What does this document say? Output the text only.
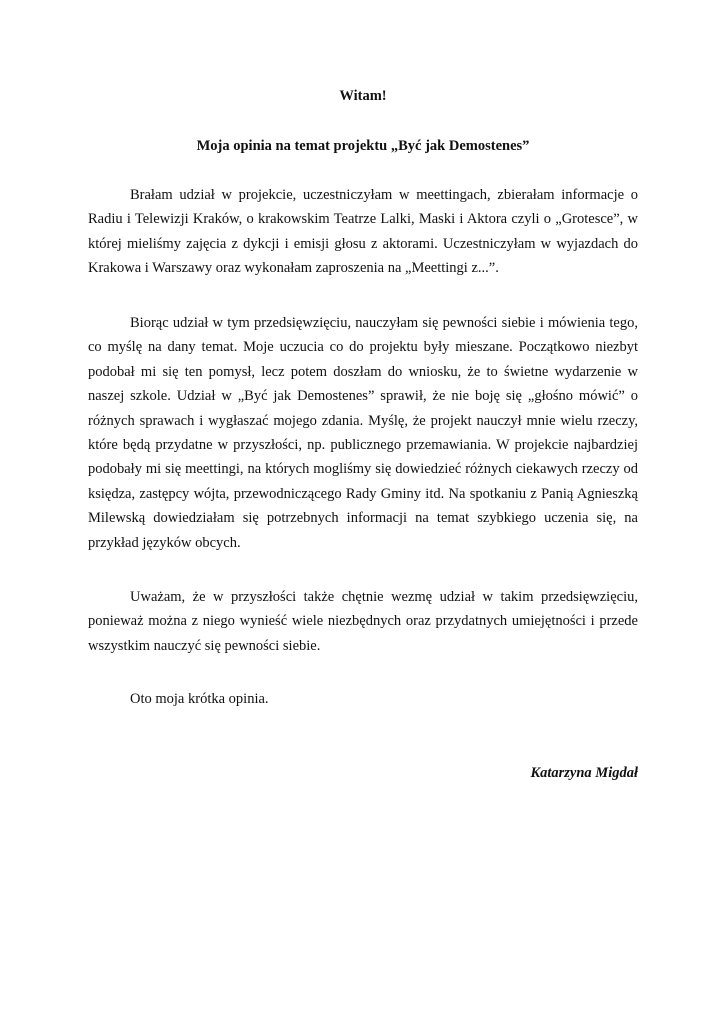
Witam!

Moja opinia na temat projektu „Być jak Demostenes”

Brałam udział w projekcie, uczestniczyłam w meettingach, zbierałam informacje o Radiu i Telewizji Kraków, o krakowskim Teatrze Lalki, Maski i Aktora czyli o „Grotesce”, w której mieliśmy zajęcia z dykcji i emisji głosu z aktorami. Uczestniczyłam w wyjazdach do Krakowa i Warszawy oraz wykonałam zaproszenia na „Meettingi z...”.

Biorąc udział w tym przedsięwzięciu, nauczyłam się pewności siebie i mówienia tego, co myślę na dany temat. Moje uczucia co do projektu były mieszane. Początkowo niezbyt podobał mi się ten pomysł, lecz potem doszłam do wniosku, że to świetne wydarzenie w naszej szkole. Udział w „Być jak Demostenes” sprawił, że nie boję się „głośno mówić” o różnych sprawach i wygłaszać mojego zdania. Myślę, że projekt nauczył mnie wielu rzeczy, które będą przydatne w przyszłości, np. publicznego przemawiania. W projekcie najbardziej podobały mi się meettingi, na których mogliśmy się dowiedzieć różnych ciekawych rzeczy od księdza, zastępcy wójta, przewodniczącego Rady Gminy itd. Na spotkaniu z Panią Agnieszką Milewską dowiedziałam się potrzebnych informacji na temat szybkiego uczenia się, na przykład języków obcych.

Uważam, że w przyszłości także chętnie wezmę udział w takim przedsięwzięciu, ponieważ można z niego wynieść wiele niezbędnych oraz przydatnych umiejętności i przede wszystkim nauczyć się pewności siebie.

Oto moja krótka opinia.

Katarzyna Migdał
